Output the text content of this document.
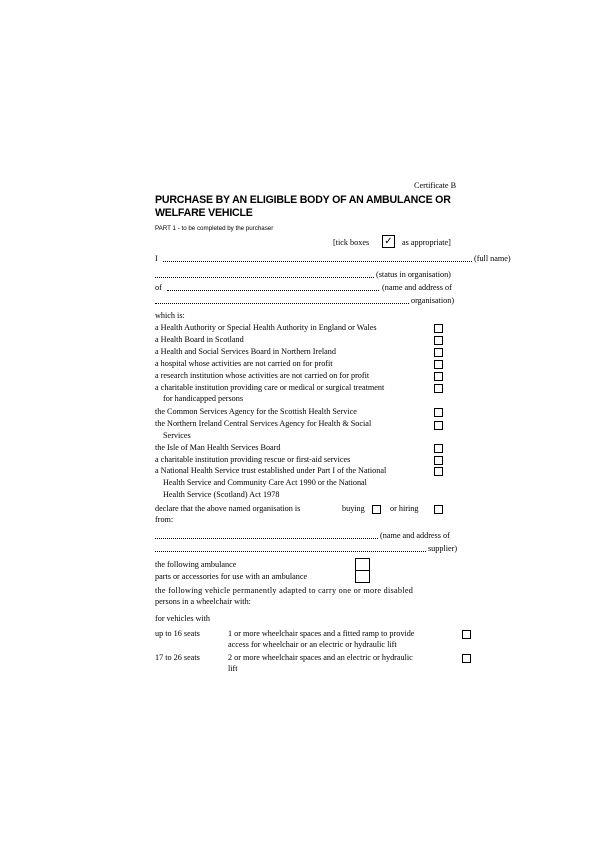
Certificate B
PURCHASE BY AN ELIGIBLE BODY OF AN AMBULANCE OR
WELFARE VEHICLE
PART 1 - to be completed by the purchaser
[tick boxes ✓ as appropriate]
I	(full name)
(status in organisation)
of	(name and address of
organisation)
which is:
a Health Authority or Special Health Authority in England or Wales
a Health Board in Scotland
a Health and Social Services Board in Northern Ireland
a hospital whose activities are not carried on for profit
a research institution whose activities are not carried on for profit
a charitable institution providing care or medical or surgical treatment
for handicapped persons
the Common Services Agency for the Scottish Health Service
the Northern Ireland Central Services Agency for Health & Social
Services
the Isle of Man Health Services Board
a charitable institution providing rescue or first-aid services
a National Health Service trust established under Part I of the National
Health Service and Community Care Act 1990 or the National
Health Service (Scotland) Act 1978
declare that the above named organisation is	buying	or hiring
from:
(name and address of
supplier)
the following ambulance
parts or accessories for use with an ambulance
the following vehicle permanently adapted to carry one or more disabled
persons in a wheelchair with:
for vehicles with
up to 16 seats	1 or more wheelchair spaces and a fitted ramp to provide
access for wheelchair or an electric or hydraulic lift
17 to 26 seats	2 or more wheelchair spaces and an electric or hydraulic
lift
